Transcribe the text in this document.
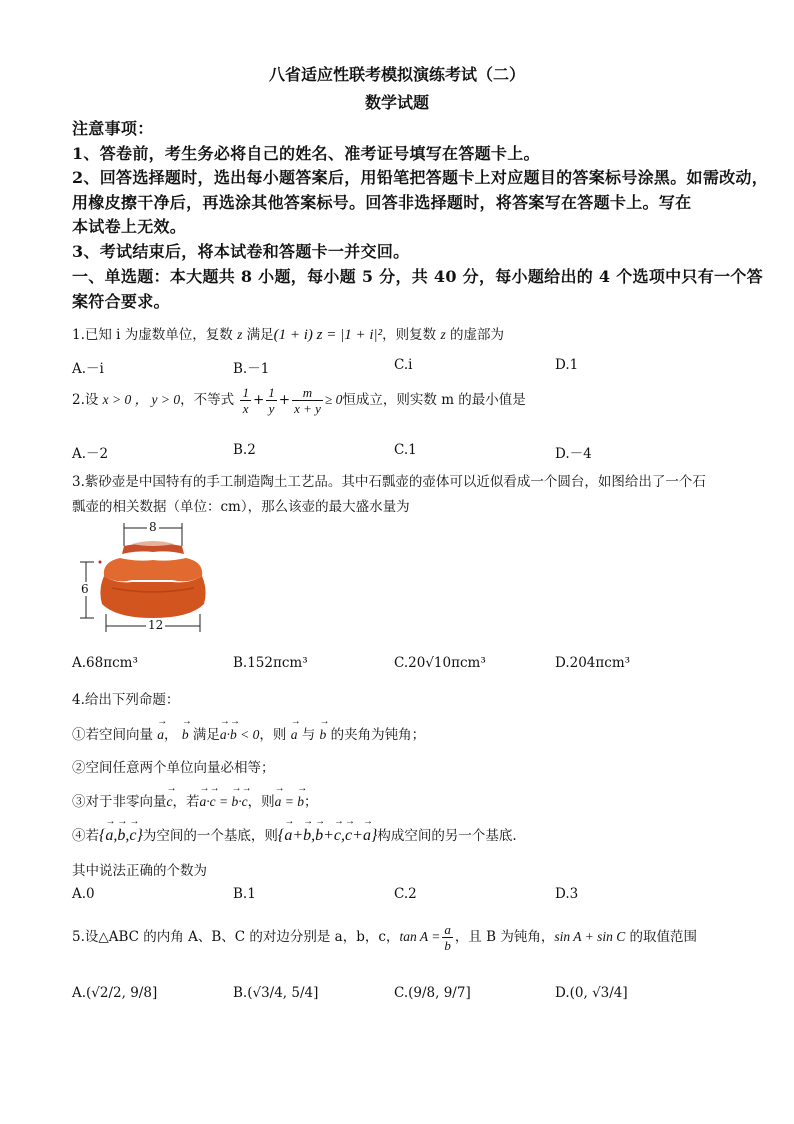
八省适应性联考模拟演练考试（二）
数学试题
注意事项：
1、答卷前，考生务必将自己的姓名、准考证号填写在答题卡上。
2、回答选择题时，选出每小题答案后，用铅笔把答题卡上对应题目的答案标号涂黑。如需改动，
用橡皮擦干净后，再选涂其他答案标号。回答非选择题时，将答案写在答题卡上。写在
本试卷上无效。
3、考试结束后，将本试卷和答题卡一并交回。
一、单选题：本大题共 8 小题，每小题 5 分，共 40 分，每小题给出的 4 个选项中只有一个答
案符合要求。
1.已知 i 为虚数单位，复数 z 满足(1 + i) z = |1 + i|²，则复数 z 的虚部为
A.－i	B.－1	C.i	D.1
2.设 x > 0 ， y > 0，不等式 $\frac{1}{x} + \frac{1}{y} + \frac{m}{x + y} \ge 0$恒成立，则实数 m 的最小值是
A.－2	B.2	C.1	D.－4
3.紫砂壶是中国特有的手工制造陶土工艺品。其中石瓢壶的壶体可以近似看成一个圆台，如图给出了一个石
瓢壶的相关数据（单位：cm），那么该壶的最大盛水量为
8
6
12
A.68πcm³	B.152πcm³	C.20√10πcm³	D.204πcm³
4.给出下列命题：
①若空间向量 → a， → b 满足→ a·→ b < 0，则 → a 与 → b 的夹角为钝角；
②空间任意两个单位向量必相等；
③对于非零向量→ c，若→ a·→ c = → b·→ c，则→ a = → b；
④若{→ a,→ b,→ c}为空间的一个基底，则{→ a+→ b,→ b+→ c,→ c+→ a}构成空间的另一个基底.
其中说法正确的个数为
A.0	B.1	C.2	D.3
5.设△ABC 的内角 A、B、C 的对边分别是 a，b，c，$\tan A = \frac{a}{b}$ ，且 B 为钝角，sin A + sin C 的取值范围
A.(√2/2, 9/8]	B.(√3/4, 5/4]	C.(9/8, 9/7]	D.(0, √3/4]
